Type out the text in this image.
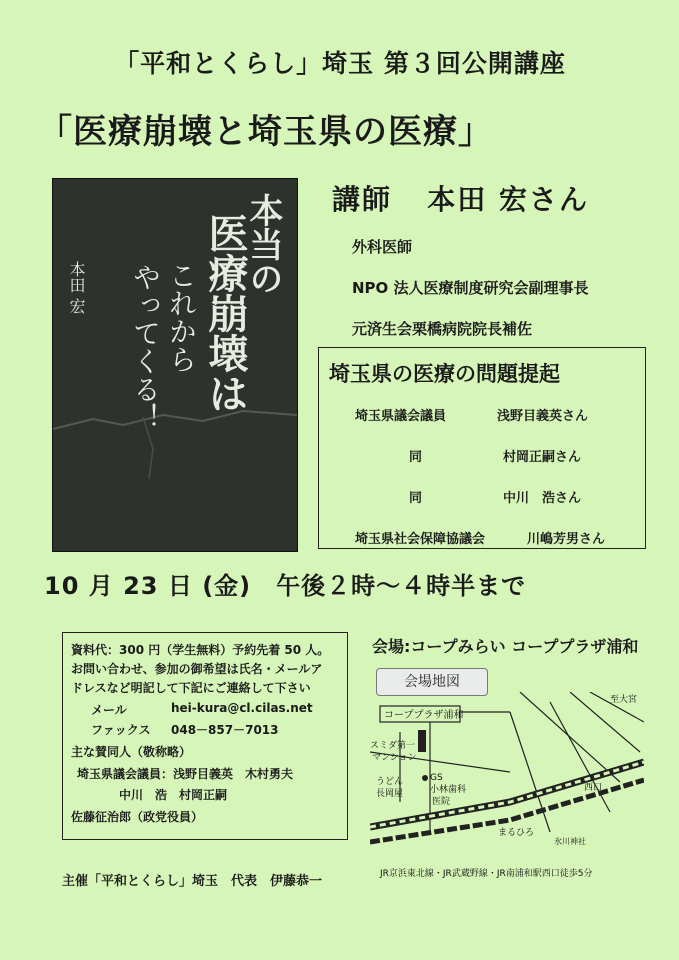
「平和とくらし」埼玉 第３回公開講座
「医療崩壊と埼玉県の医療」
本当の
医療崩壊は
これから
やってくる！
本田 宏
講師 本田 宏さん
外科医師
NPO 法人医療制度研究会副理事長
元済生会栗橋病院院長補佐
埼玉県の医療の問題提起
埼玉県議会議員	浅野目義英さん
同	村岡正嗣さん
同	中川　浩さん
埼玉県社会保障協議会	川嶋芳男さん
10 月 23 日 (金)　午後２時～４時半まで
資料代：300 円（学生無料）予約先着 50 人。
お問い合わせ、参加の御希望は氏名・メールア
ドレスなど明記して下記にご連絡して下さい
メール	hei-kura@cl.cilas.net
ファックス 048－857－7013
主な賛同人（敬称略）
埼玉県議会議員：浅野目義英　木村勇夫
中川　浩　村岡正嗣
佐藤征治郎（政党役員）
会場:コープみらい コーププラザ浦和
会場地図
コーププラザ浦和
スミダ第一
マンション
うどん
長岡屋
GS
小林歯科
医院
まるひろ
西口
至大宮
氷川神社
JR京浜東北線・JR武蔵野線・JR南浦和駅西口徒歩5分
主催「平和とくらし」埼玉　代表　伊藤恭一
